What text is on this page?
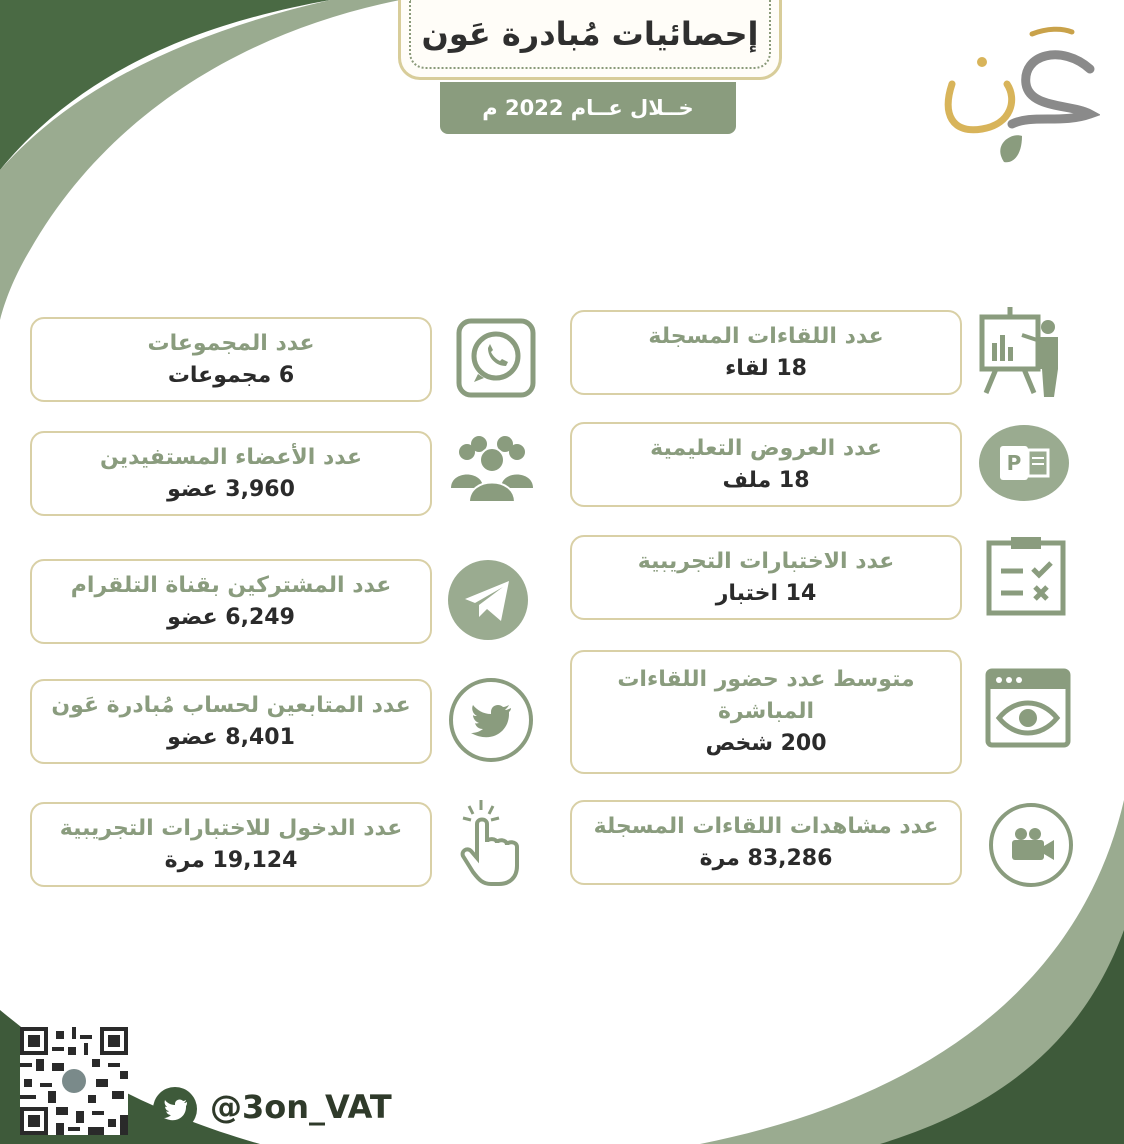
إحصائيات مُبادرة عَون
خــلال عــام 2022 م
عدد اللقاءات المسجلة
18 لقاء
عدد العروض التعليمية
18 ملف
عدد الاختبارات التجريبية
14 اختبار
متوسط عدد حضور اللقاءات المباشرة
200 شخص
عدد مشاهدات اللقاءات المسجلة
83,286 مرة
عدد المجموعات
6 مجموعات
عدد الأعضاء المستفيدين
3,960 عضو
عدد المشتركين بقناة التلقرام
6,249 عضو
عدد المتابعين لحساب مُبادرة عَون
8,401 عضو
عدد الدخول للاختبارات التجريبية
19,124 مرة
P
@3on_VAT
